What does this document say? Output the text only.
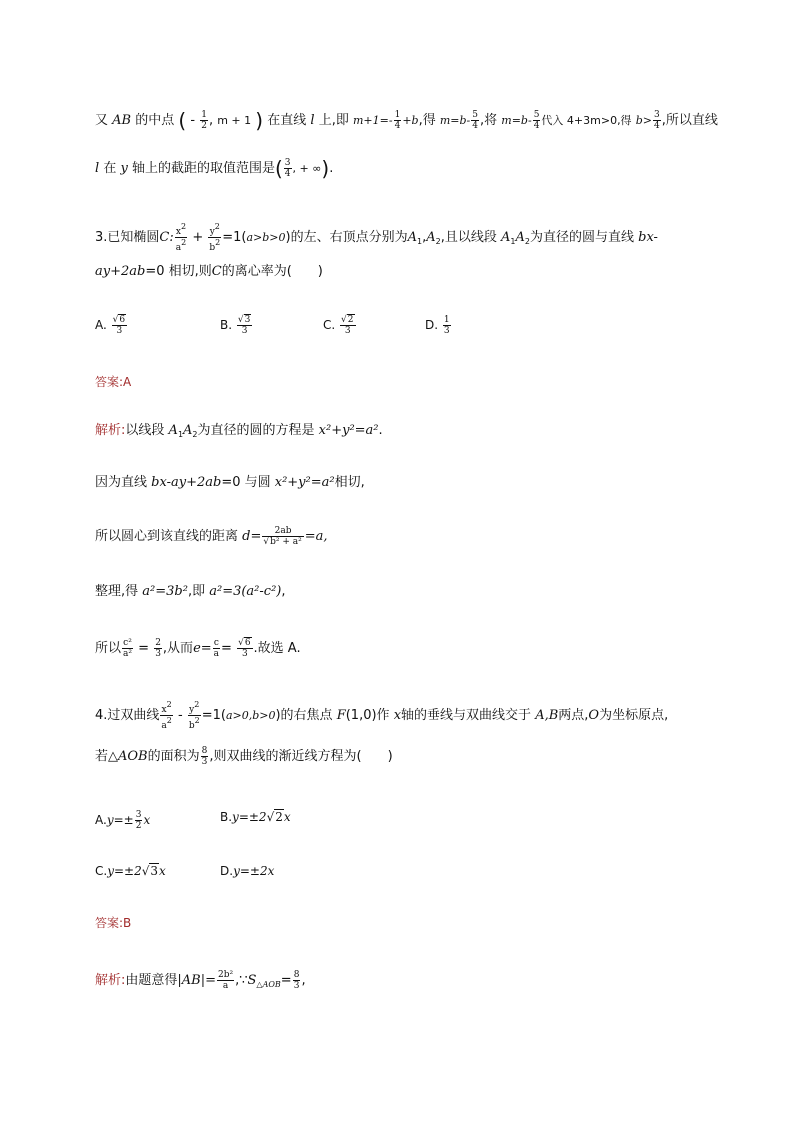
又 AB 的中点 ( - $\frac{1}{2}$ , m + 1 ) 在直线 l 上,即 $m+1=- \frac{1}{4} +b$,得 $m=b- \frac{5}{4}$ ,将 $m=b- \frac{5}{4}$ 代入 4+3m>0,得 $b> \frac{3}{4}$ ,所以直线
l 在 y 轴上的截距的取值范围是( $\frac{3}{4}$ , + ∞).
3.已知椭圆C: $\frac{x2}{a2} + \frac{y2}{b2} =1(a>b>0)$的左、右顶点分别为$A_1,A_2$,且以线段 $A_1A_2$为直径的圆与直线 bx-
ay+2ab=0 相切,则C的离心率为(　　)
A. $\frac{√6}{3}$	B. $\frac{√3}{3}$	C. $\frac{√2}{3}$	D. $\frac{1}{3}$
答案:A
解析:以线段 $A_1A_2$为直径的圆的方程是 x²+y²=a².
因为直线 bx-ay+2ab=0 与圆 x²+y²=a²相切,
所以圆心到该直线的距离 $d= \frac{2ab}{\text{√b² + a²}} =a$,
整理,得 a²=3b²,即 a²=3(a²-c²),
所以 $\frac{\text{c²}}{\text{a²}} = \frac{2}{3}$ ,从而$e= \frac{c}{a} = \frac{√6}{3}$ .故选 A.
4.过双曲线 $\frac{x2}{a2} - \frac{y2}{b2} =1(a>0,b>0)$的右焦点 F(1,0)作 x轴的垂线与双曲线交于 A,B两点,O为坐标原点,
若△AOB的面积为 $\frac{8}{3}$ ,则双曲线的渐近线方程为(　　)
$A.y=\pm \frac{3}{2}$ x	B.y=±2√2x
C.y=±2√3x	D.y=±2x
答案:B
解析:由题意得$|AB|= \frac{\text{2b²}}{a}$ $,\because S_{\triangle AOB}= \frac{8}{3}$ ,
